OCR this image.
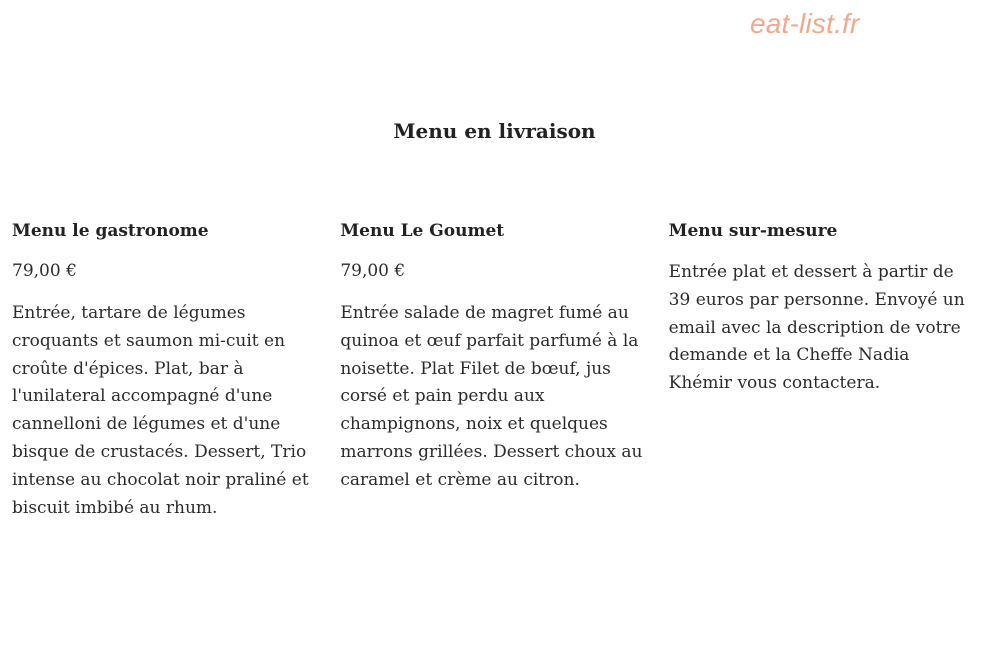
eat-list.fr
Menu en livraison
Menu le gastronome
79,00 €

Entrée, tartare de légumes croquants et saumon mi-cuit en croûte d'épices. Plat, bar à l'unilateral accompagné d'une cannelloni de légumes et d'une bisque de crustacés. Dessert, Trio intense au chocolat noir praliné et biscuit imbibé au rhum.

Menu Le Goumet
79,00 €

Entrée salade de magret fumé au quinoa et œuf parfait parfumé à la noisette. Plat Filet de bœuf, jus corsé et pain perdu aux champignons, noix et quelques marrons grillées. Dessert choux au caramel et crème au citron.

Menu sur-mesure

Entrée plat et dessert à partir de 39 euros par personne. Envoyé un email avec la description de votre demande et la Cheffe Nadia Khémir vous contactera.
